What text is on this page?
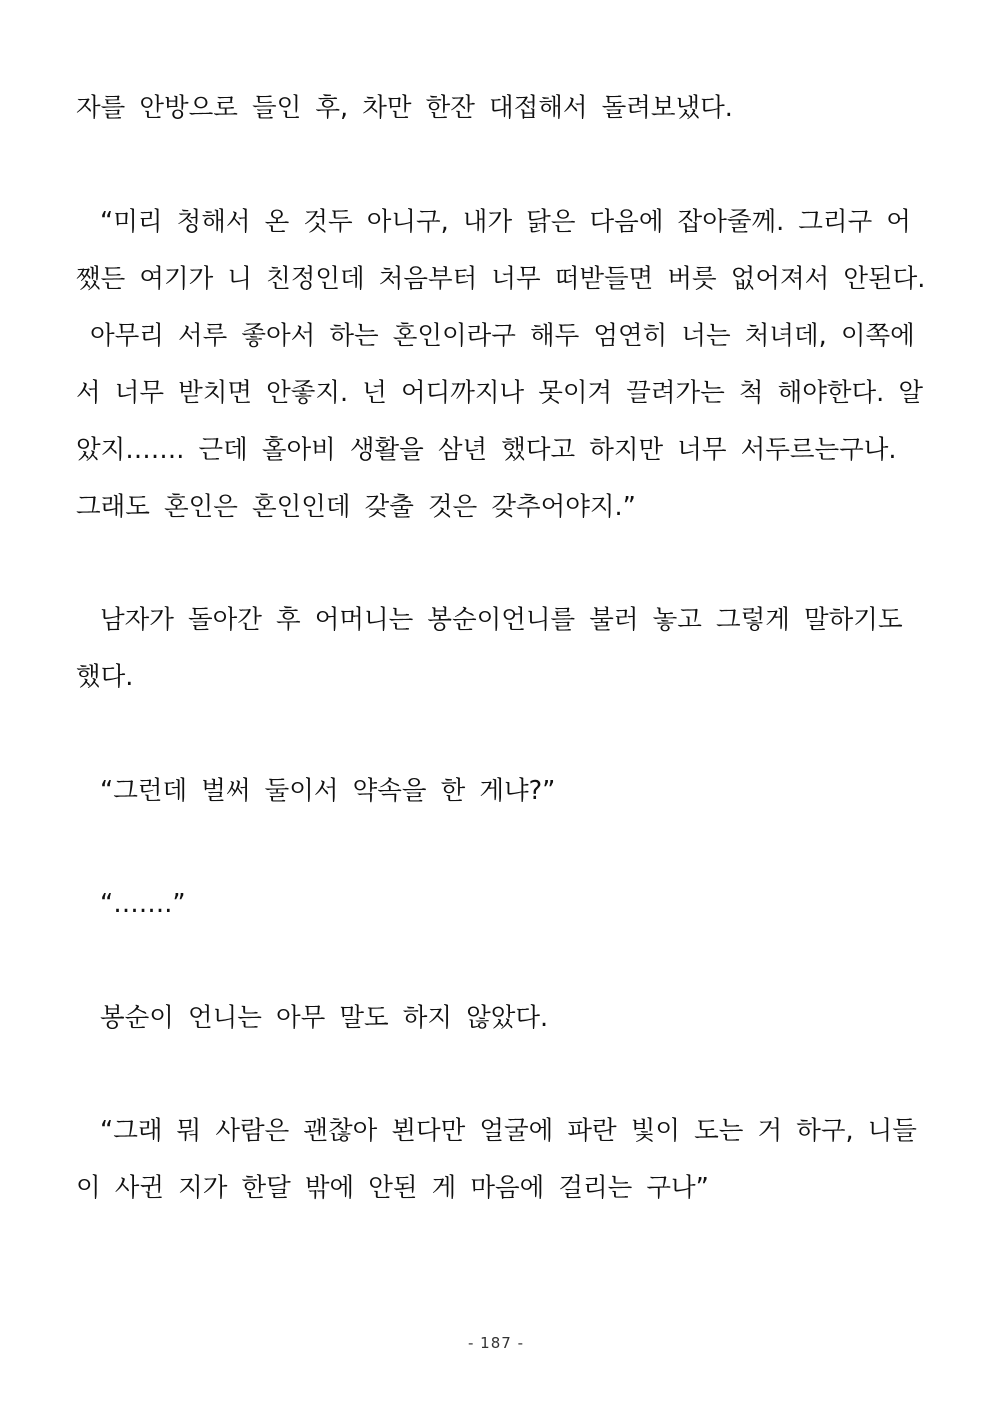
자를 안방으로 들인 후, 차만 한잔 대접해서 돌려보냈다.

“미리 청해서 온 것두 아니구, 내가 닭은 다음에 잡아줄께. 그리구 어

쨌든 여기가 니 친정인데 처음부터 너무 떠받들면 버릇 없어져서 안된다.

아무리 서루 좋아서 하는 혼인이라구 해두 엄연히 너는 처녀데, 이쪽에

서 너무 받치면 안좋지. 넌 어디까지나 못이겨 끌려가는 척 해야한다. 알

았지……. 근데 홀아비 생활을 삼년 했다고 하지만 너무 서두르는구나.

그래도 혼인은 혼인인데 갖출 것은 갖추어야지.”

남자가 돌아간 후 어머니는 봉순이언니를 불러 놓고 그렇게 말하기도

했다.

“그런데 벌써 둘이서 약속을 한 게냐?”

“…….”

봉순이 언니는 아무 말도 하지 않았다.

“그래 뭐 사람은 괜찮아 뵌다만 얼굴에 파란 빛이 도는 거 하구, 니들

이 사귄 지가 한달 밖에 안된 게 마음에 걸리는 구나”

- 187 -
